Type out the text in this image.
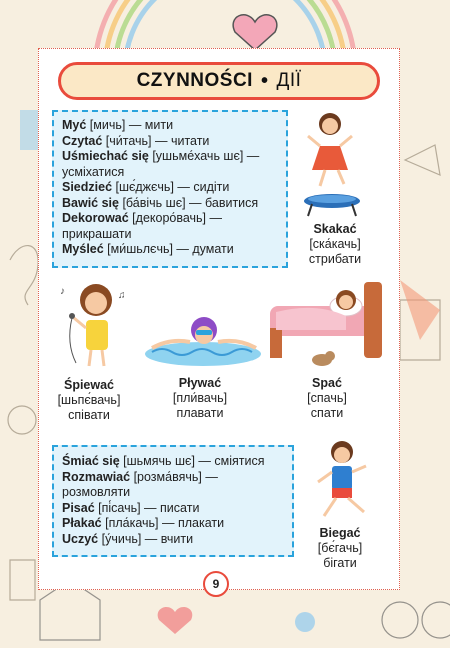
CZYNNOŚCI • ДІЇ
Myć [мичь] — мити
Czytać [чи́тачь] — читати
Uśmiechać się [ушьме́хачь шє] — усміхатися
Siedzieć [шє́джєчь] — сидіти
Bawić się [ба́вічь шє] — бавитися
Dekorować [декоро́вачь] — прикрашати
Myśleć [ми́шьлєчь] — думати
Skakać
[ска́качь]
стрибати
♪	♫
Śpiewać
[шьпє́вачь]
співати
Pływać
[пли́вачь]
плавати
Spać
[спачь]
спати
Śmiać się [шьмячь шє] — сміятися
Rozmawiać [розма́вячь] — розмовляти
Pisać [пі́сачь] — писати
Płakać [пла́качь] — плакати
Uczyć [у́чичь] — вчити	Biegać
[бє́гачь]
бігати
9
